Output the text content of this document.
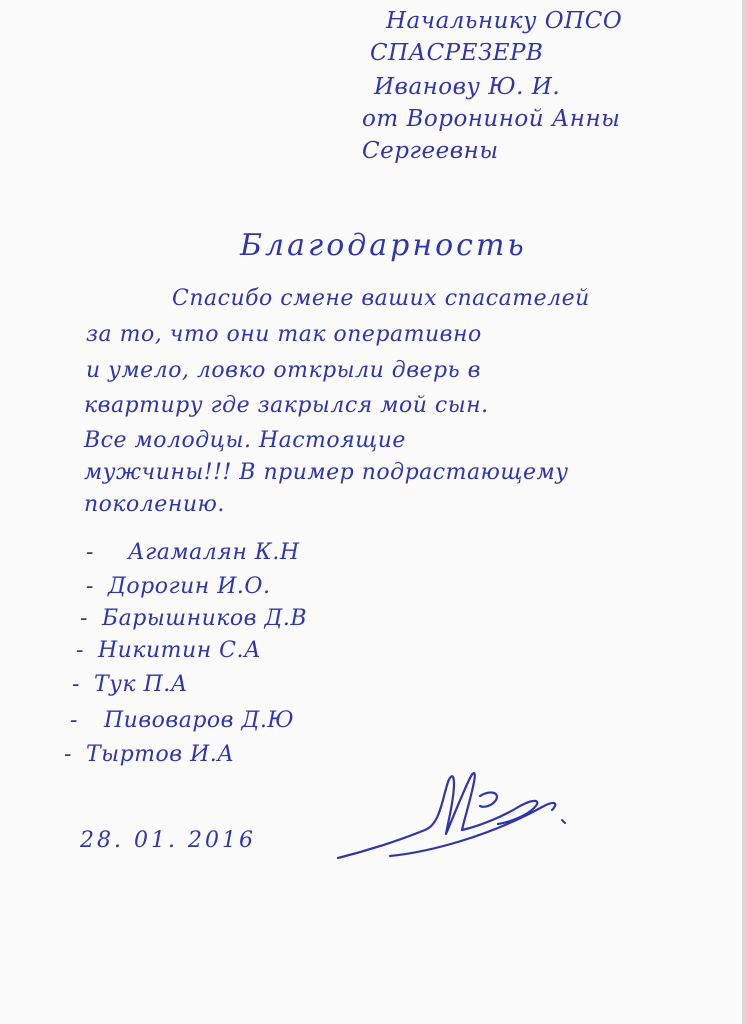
Начальнику ОПСО
СПАСРЕЗЕРВ
Иванову Ю. И.
от Ворониной Анны
Сергеевны
Благодарность
Спасибо смене ваших спасателей
за то, что они так оперативно
и умело, ловко открыли дверь в
квартиру где закрылся мой сын.
Все молодцы. Настоящие
мужчины!!! В пример подрастающему
поколению.
- Агамалян К.Н
- Дорогин И.О.
- Барышников Д.В
- Никитин С.А
- Тук П.А
- Пивоваров Д.Ю
- Тыртов И.А
28. 01. 2016
